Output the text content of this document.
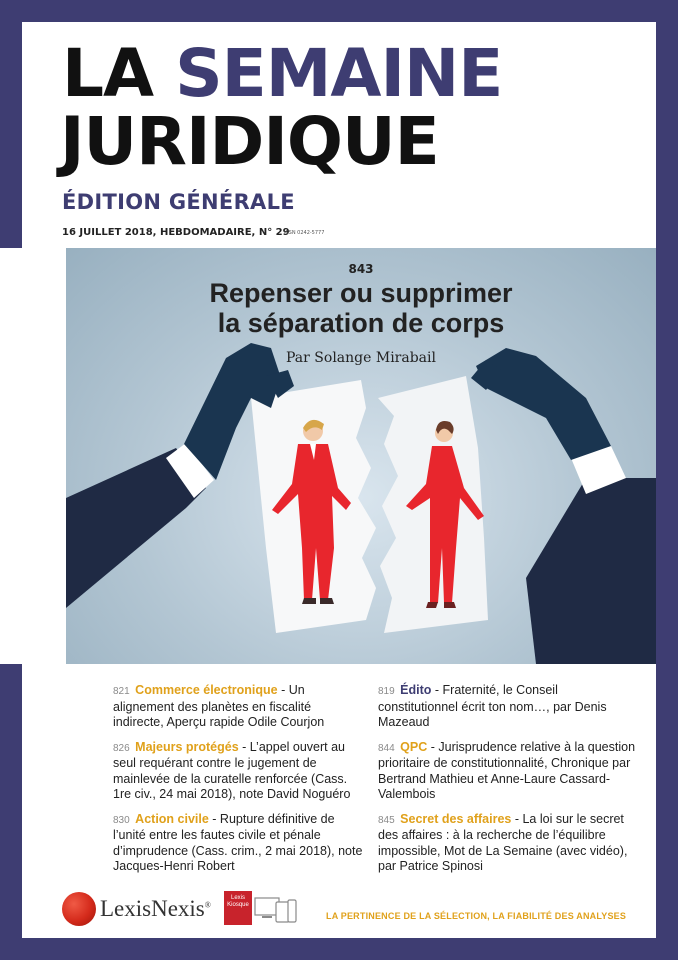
LA SEMAINE
JURIDIQUE
ÉDITION GÉNÉRALE
16 JUILLET 2018, HEBDOMADAIRE, N° 29
ISSN 0242-5777
843
Repenser ou supprimer
la séparation de corps
Par Solange Mirabail
821 Commerce électronique - Un alignement des planètes en fiscalité indirecte, Aperçu rapide Odile Courjon
826 Majeurs protégés - L’appel ouvert au seul requérant contre le jugement de mainlevée de la curatelle renforcée (Cass. 1re civ., 24 mai 2018), note David Noguéro
830 Action civile - Rupture définitive de l’unité entre les fautes civile et pénale d’imprudence (Cass. crim., 2 mai 2018), note Jacques-Henri Robert
819 Édito - Fraternité, le Conseil constitutionnel écrit ton nom…, par Denis Mazeaud
844 QPC - Jurisprudence relative à la question prioritaire de constitutionnalité, Chronique par Bertrand Mathieu et Anne-Laure Cassard-Valembois
845 Secret des affaires - La loi sur le secret des affaires : à la recherche de l’équilibre impossible, Mot de La Semaine (avec vidéo), par Patrice Spinosi
LexisNexis®
Lexis
Kiosque
LA PERTINENCE DE LA SÉLECTION, LA FIABILITÉ DES ANALYSES
